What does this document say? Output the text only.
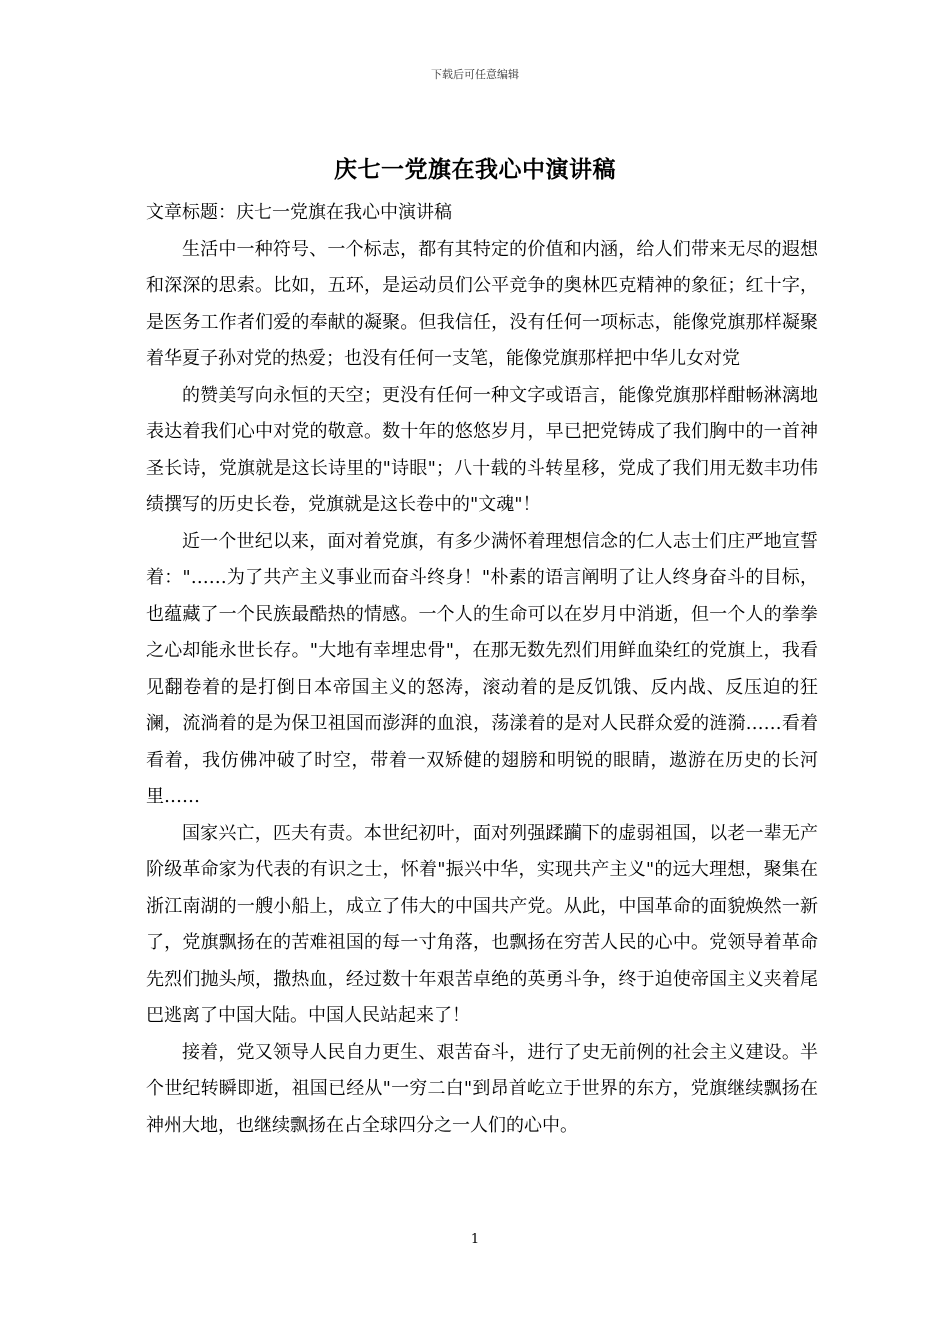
下载后可任意编辑
庆七一党旗在我心中演讲稿

文章标题：庆七一党旗在我心中演讲稿

生活中一种符号、一个标志，都有其特定的价值和内涵，给人们带来无尽的遐想和深深的思索。比如，五环，是运动员们公平竞争的奥林匹克精神的象征；红十字，是医务工作者们爱的奉献的凝聚。但我信任，没有任何一项标志，能像党旗那样凝聚着华夏子孙对党的热爱；也没有任何一支笔，能像党旗那样把中华儿女对党

的赞美写向永恒的天空；更没有任何一种文字或语言，能像党旗那样酣畅淋漓地表达着我们心中对党的敬意。数十年的悠悠岁月，早已把党铸成了我们胸中的一首神圣长诗，党旗就是这长诗里的"诗眼"；八十载的斗转星移，党成了我们用无数丰功伟绩撰写的历史长卷，党旗就是这长卷中的"文魂"！

近一个世纪以来，面对着党旗，有多少满怀着理想信念的仁人志士们庄严地宣誓着："……为了共产主义事业而奋斗终身！"朴素的语言阐明了让人终身奋斗的目标，也蕴藏了一个民族最酷热的情感。一个人的生命可以在岁月中消逝，但一个人的拳拳之心却能永世长存。"大地有幸埋忠骨"，在那无数先烈们用鲜血染红的党旗上，我看见翻卷着的是打倒日本帝国主义的怒涛，滚动着的是反饥饿、反内战、反压迫的狂澜，流淌着的是为保卫祖国而澎湃的血浪，荡漾着的是对人民群众爱的涟漪……看着看着，我仿佛冲破了时空，带着一双矫健的翅膀和明锐的眼睛，遨游在历史的长河里……

国家兴亡，匹夫有责。本世纪初叶，面对列强蹂躏下的虚弱祖国，以老一辈无产阶级革命家为代表的有识之士，怀着"振兴中华，实现共产主义"的远大理想，聚集在浙江南湖的一艘小船上，成立了伟大的中国共产党。从此，中国革命的面貌焕然一新了，党旗飘扬在的苦难祖国的每一寸角落，也飘扬在穷苦人民的心中。党领导着革命先烈们抛头颅，撒热血，经过数十年艰苦卓绝的英勇斗争，终于迫使帝国主义夹着尾巴逃离了中国大陆。中国人民站起来了！

接着，党又领导人民自力更生、艰苦奋斗，进行了史无前例的社会主义建设。半个世纪转瞬即逝，祖国已经从"一穷二白"到昂首屹立于世界的东方，党旗继续飘扬在神州大地，也继续飘扬在占全球四分之一人们的心中。

1
